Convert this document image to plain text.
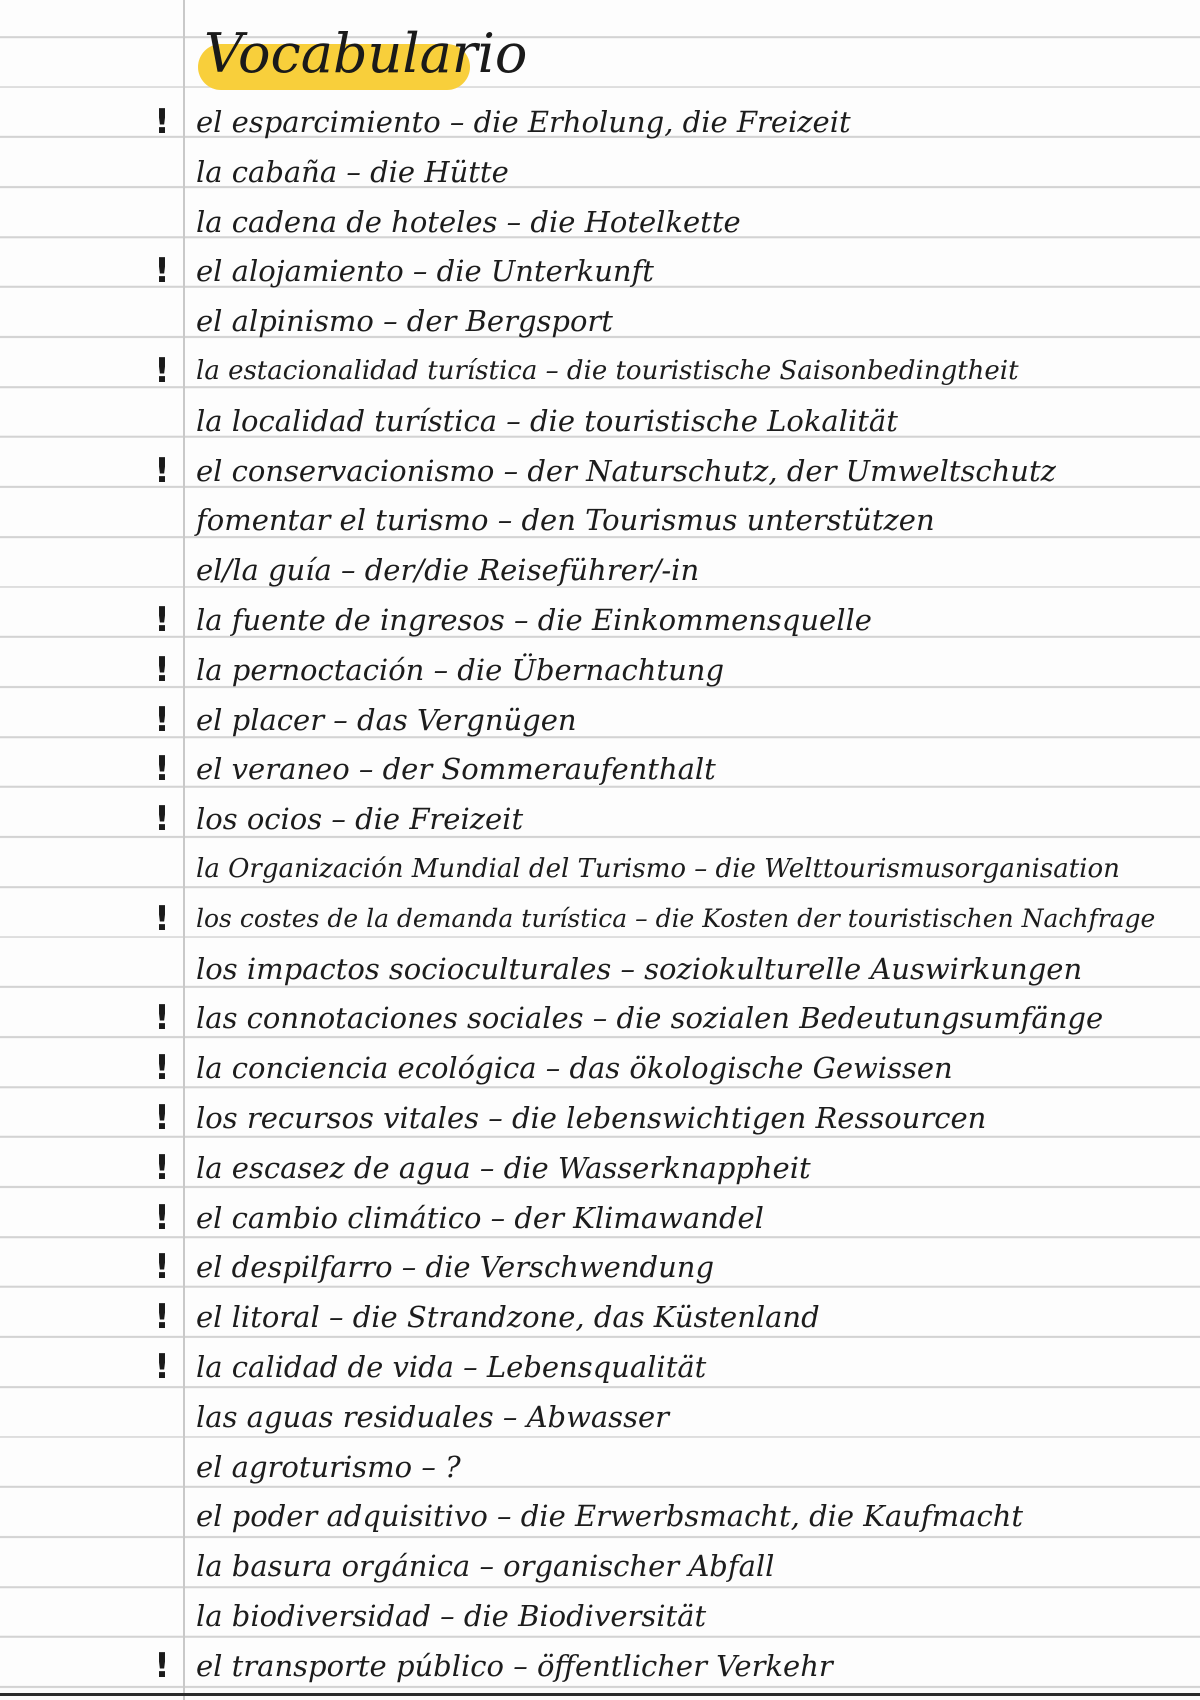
Vocabulario
! el esparcimiento – die Erholung, die Freizeit
la cabaña – die Hütte
la cadena de hoteles – die Hotelkette
! el alojamiento – die Unterkunft
el alpinismo – der Bergsport
! la estacionalidad turística – die touristische Saisonbedingtheit
la localidad turística – die touristische Lokalität
! el conservacionismo – der Naturschutz, der Umweltschutz
fomentar el turismo – den Tourismus unterstützen
el/la guía – der/die Reiseführer/-in
! la fuente de ingresos – die Einkommensquelle
! la pernoctación – die Übernachtung
! el placer – das Vergnügen
! el veraneo – der Sommeraufenthalt
! los ocios – die Freizeit
la Organización Mundial del Turismo – die Welttourismusorganisation
! los costes de la demanda turística – die Kosten der touristischen Nachfrage
los impactos socioculturales – soziokulturelle Auswirkungen
! las connotaciones sociales – die sozialen Bedeutungsumfänge
! la conciencia ecológica – das ökologische Gewissen
! los recursos vitales – die lebenswichtigen Ressourcen
! la escasez de agua – die Wasserknappheit
! el cambio climático – der Klimawandel
! el despilfarro – die Verschwendung
! el litoral – die Strandzone, das Küstenland
! la calidad de vida – Lebensqualität
las aguas residuales – Abwasser
el agroturismo – ?
el poder adquisitivo – die Erwerbsmacht, die Kaufmacht
la basura orgánica – organischer Abfall
la biodiversidad – die Biodiversität
! el transporte público – öffentlicher Verkehr
